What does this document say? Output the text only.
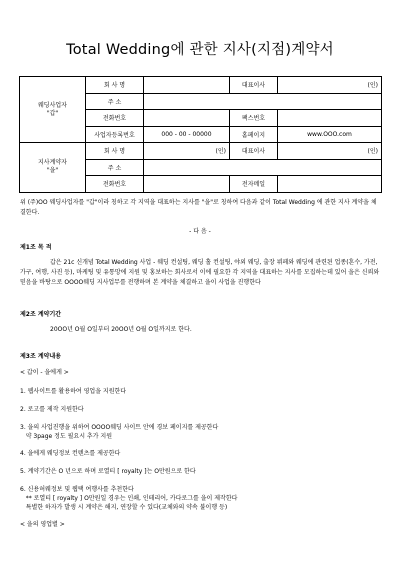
Total Wedding에 관한 지사(지점)계약서
웨딩사업자
"갑"	회 사 명		대표이사	(인)
	주 소			
	전화번호		팩스번호	
	사업자등록번호	000 - 00 - 00000	홈페이지	www.OOO.com
지사계약자
"을"	회 사 명	(인)	대표이사	(인)
	주 소			
	전화번호		전자메일	
위 (주)OO 웨딩사업자를 "갑"이라 칭하고 각 지역을 대표하는 지사를 "을"로 칭하여 다음과 같이 Total Wedding 에 관한 지사 계약을 체결한다.
- 다 음 -
제1조 목 적
갑은 21c 신개념 Total Wedding 사업 - 웨딩 컨설팅, 웨딩 홀 컨설팅, 야외 웨딩, 출장 뷔페와 웨딩에 관련된 업종(혼수, 가전, 가구, 여행, 사진 등), 마케팅 및 유통망에 지원 및 홍보하는 회사로서 이에 필요한 각 지역을 대표하는 지사를 모집하는데 있어 을은 신뢰와 믿음을 바탕으로 OOOO웨딩 지사업무를 전행하며 본 계약을 체결하고 을이 사업을 진행한다
제2조 계약기간
20OO년 O월 O일부터 20OO년 O월 O일까지로 한다.
제3조 계약내용
< 갑이 - 을에게 >
1. 웹사이트를 활용하여 영업을 지원한다
2. 로고를 제작 지원한다
3. 을의 사업진행을 위하여 OOOO웨딩 사이트 안에 경보 페이지를 제공한다
약 3page 정도 필요시 추가 지원
4. 을에게 웨딩정보 컨텐츠를 제공한다
5. 계약기간은 O 년으로 하며 로열티 [ royalty ]는 O만원으로 한다
6. 신용허웨정보 및 웹택 여행사를 추천한다
** 로열티 [ royalty ] O만원일 경우는 인쇄, 인테리어, 카다로그를 을이 제작한다
특별한 하자가 발생 시 계약은 해지, 연장할 수 있다(교체와의 약속 불이행 등)
< 을의 영업별 >
